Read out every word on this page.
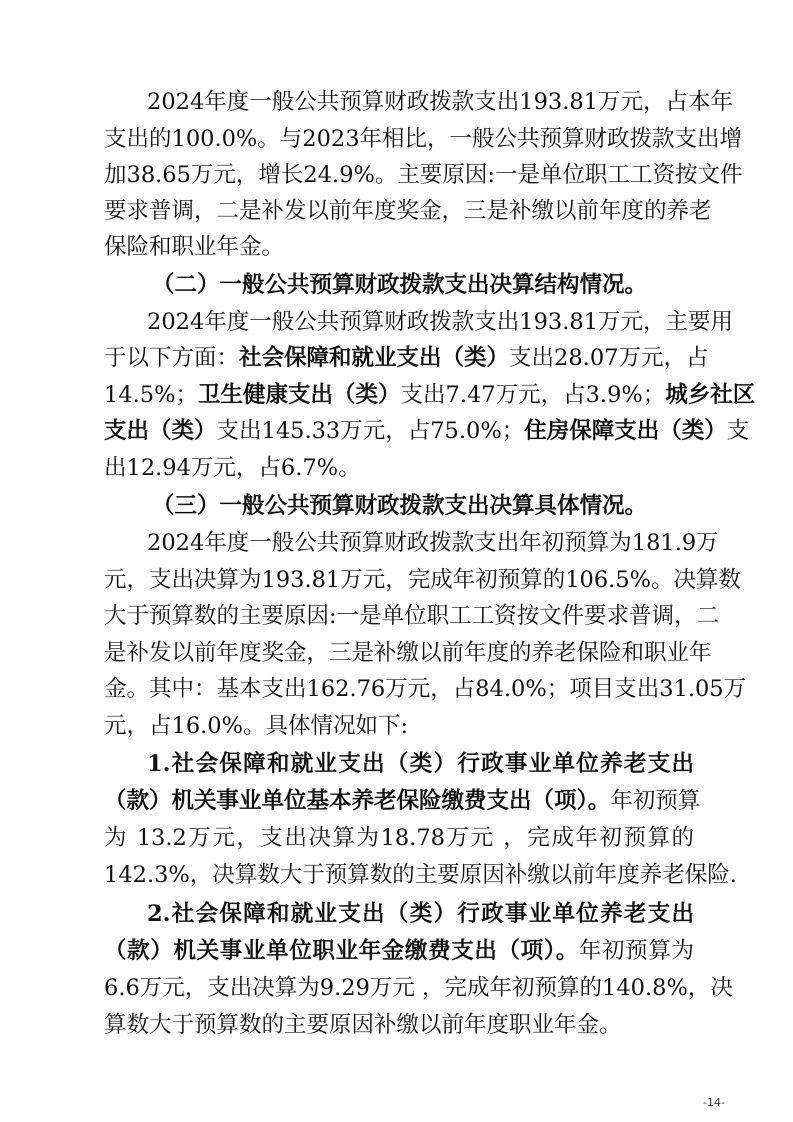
2024年度一般公共预算财政拨款支出193.81万元，占本年
支出的100.0%。与2023年相比，一般公共预算财政拨款支出增
加38.65万元，增长24.9%。主要原因:一是单位职工工资按文件
要求普调，二是补发以前年度奖金，三是补缴以前年度的养老
保险和职业年金。
（二）一般公共预算财政拨款支出决算结构情况。
2024年度一般公共预算财政拨款支出193.81万元，主要用
于以下方面：社会保障和就业支出（类）支出28.07万元，占
14.5%；卫生健康支出（类）支出7.47万元，占3.9%；城乡社区
支出（类）支出145.33万元，占75.0%；住房保障支出（类）支
出12.94万元，占6.7%。
（三）一般公共预算财政拨款支出决算具体情况。
2024年度一般公共预算财政拨款支出年初预算为181.9万
元，支出决算为193.81万元，完成年初预算的106.5%。决算数
大于预算数的主要原因:一是单位职工工资按文件要求普调，二
是补发以前年度奖金，三是补缴以前年度的养老保险和职业年
金。其中：基本支出162.76万元，占84.0%；项目支出31.05万
元，占16.0%。具体情况如下:
1.社会保障和就业支出（类）行政事业单位养老支出
（款）机关事业单位基本养老保险缴费支出（项）。年初预算
为 13.2万元，支出决算为18.78万元 ，完成年初预算的
142.3%，决算数大于预算数的主要原因补缴以前年度养老保险.
2.社会保障和就业支出（类）行政事业单位养老支出
（款）机关事业单位职业年金缴费支出（项）。年初预算为
6.6万元，支出决算为9.29万元 ，完成年初预算的140.8%，决
算数大于预算数的主要原因补缴以前年度职业年金。
-14-
